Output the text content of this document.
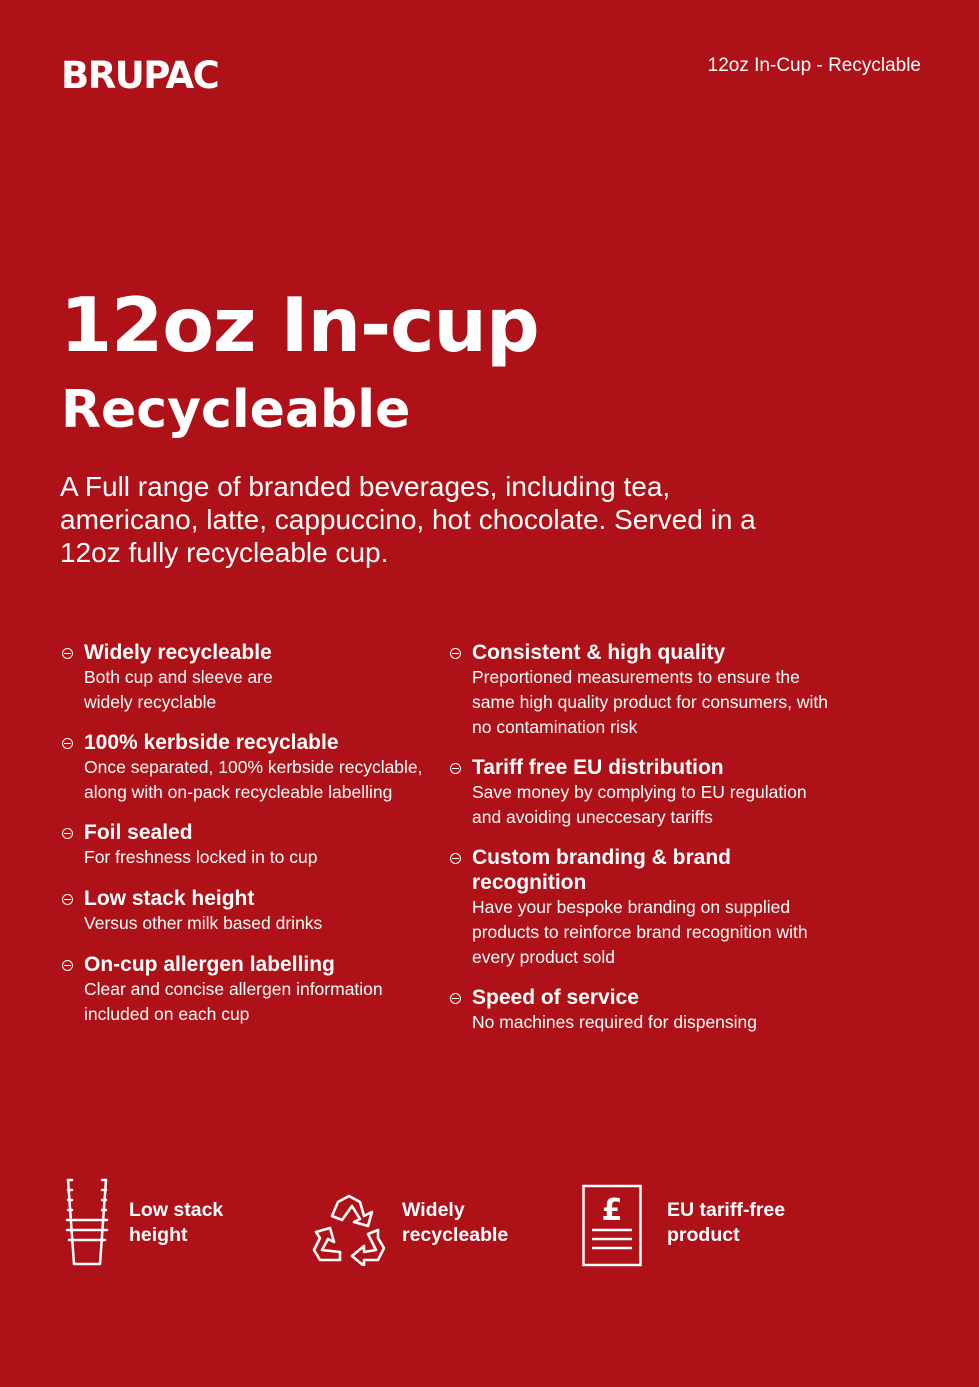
BRUPAC	12oz In-Cup - Recyclable
12oz In-cup
Recycleable

A Full range of branded beverages, including tea, americano, latte, cappuccino, hot chocolate. Served in a 12oz fully recycleable cup.

Widely recycleable

Both cup and sleeve are widely recyclable

100% kerbside recyclable

Once separated, 100% kerbside recyclable, along with on-pack recycleable labelling

Foil sealed

For freshness locked in to cup

Low stack height

Versus other milk based drinks

On-cup allergen labelling

Clear and concise allergen information included on each cup

Consistent & high quality

Preportioned measurements to ensure the same high quality product for consumers, with no contamination risk

Tariff free EU distribution

Save money by complying to EU regulation and avoiding uneccesary tariffs

Custom branding & brand recognition

Have your bespoke branding on supplied products to reinforce brand recognition with every product sold

Speed of service

No machines required for dispensing

Low stack
height
Widely
recycleable
£ EU tariff-free
product
